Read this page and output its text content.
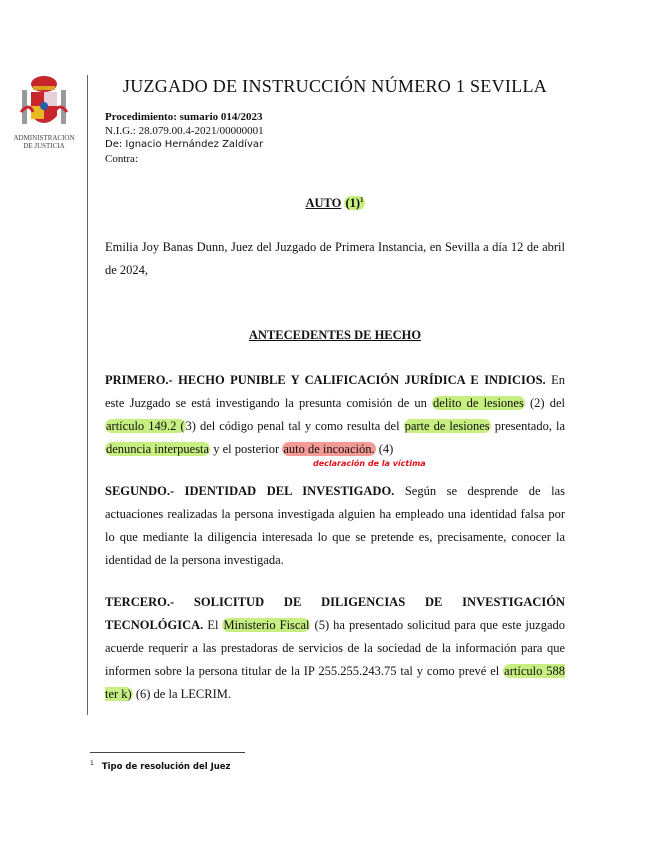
ADMINISTRACION
DE JUSTICIA
JUZGADO DE INSTRUCCIÓN NÚMERO 1 SEVILLA
Procedimiento: sumario 014/2023
N.I.G.: 28.079.00.4-2021/00000001
De: Ignacio Hernández Zaldívar
Contra:
AUTO $(1)^1$
Emilia Joy Banas Dunn, Juez del Juzgado de Primera Instancia, en Sevilla a día 12 de abril de 2024,
ANTECEDENTES DE HECHO
PRIMERO.- HECHO PUNIBLE Y CALIFICACIÓN JURÍDICA E INDICIOS. En este Juzgado se está investigando la presunta comisión de un delito de lesiones (2) del artículo 149.2 (3) del código penal tal y como resulta del parte de lesiones presentado, la denuncia interpuesta y el posterior auto de incoación. (4)
declaración de la víctima
SEGUNDO.- IDENTIDAD DEL INVESTIGADO. Según se desprende de las actuaciones realizadas la persona investigada alguien ha empleado una identidad falsa por lo que mediante la diligencia interesada lo que se pretende es, precisamente, conocer la identidad de la persona investigada.
TERCERO.- SOLICITUD DE DILIGENCIAS DE INVESTIGACIÓN TECNOLÓGICA. El Ministerio Fiscal (5) ha presentado solicitud para que este juzgado acuerde requerir a las prestadoras de servicios de la sociedad de la información para que informen sobre la persona titular de la IP 255.255.243.75 tal y como prevé el artículo 588 ter k) (6) de la LECRIM.
$^1$ Tipo de resolución del Juez
